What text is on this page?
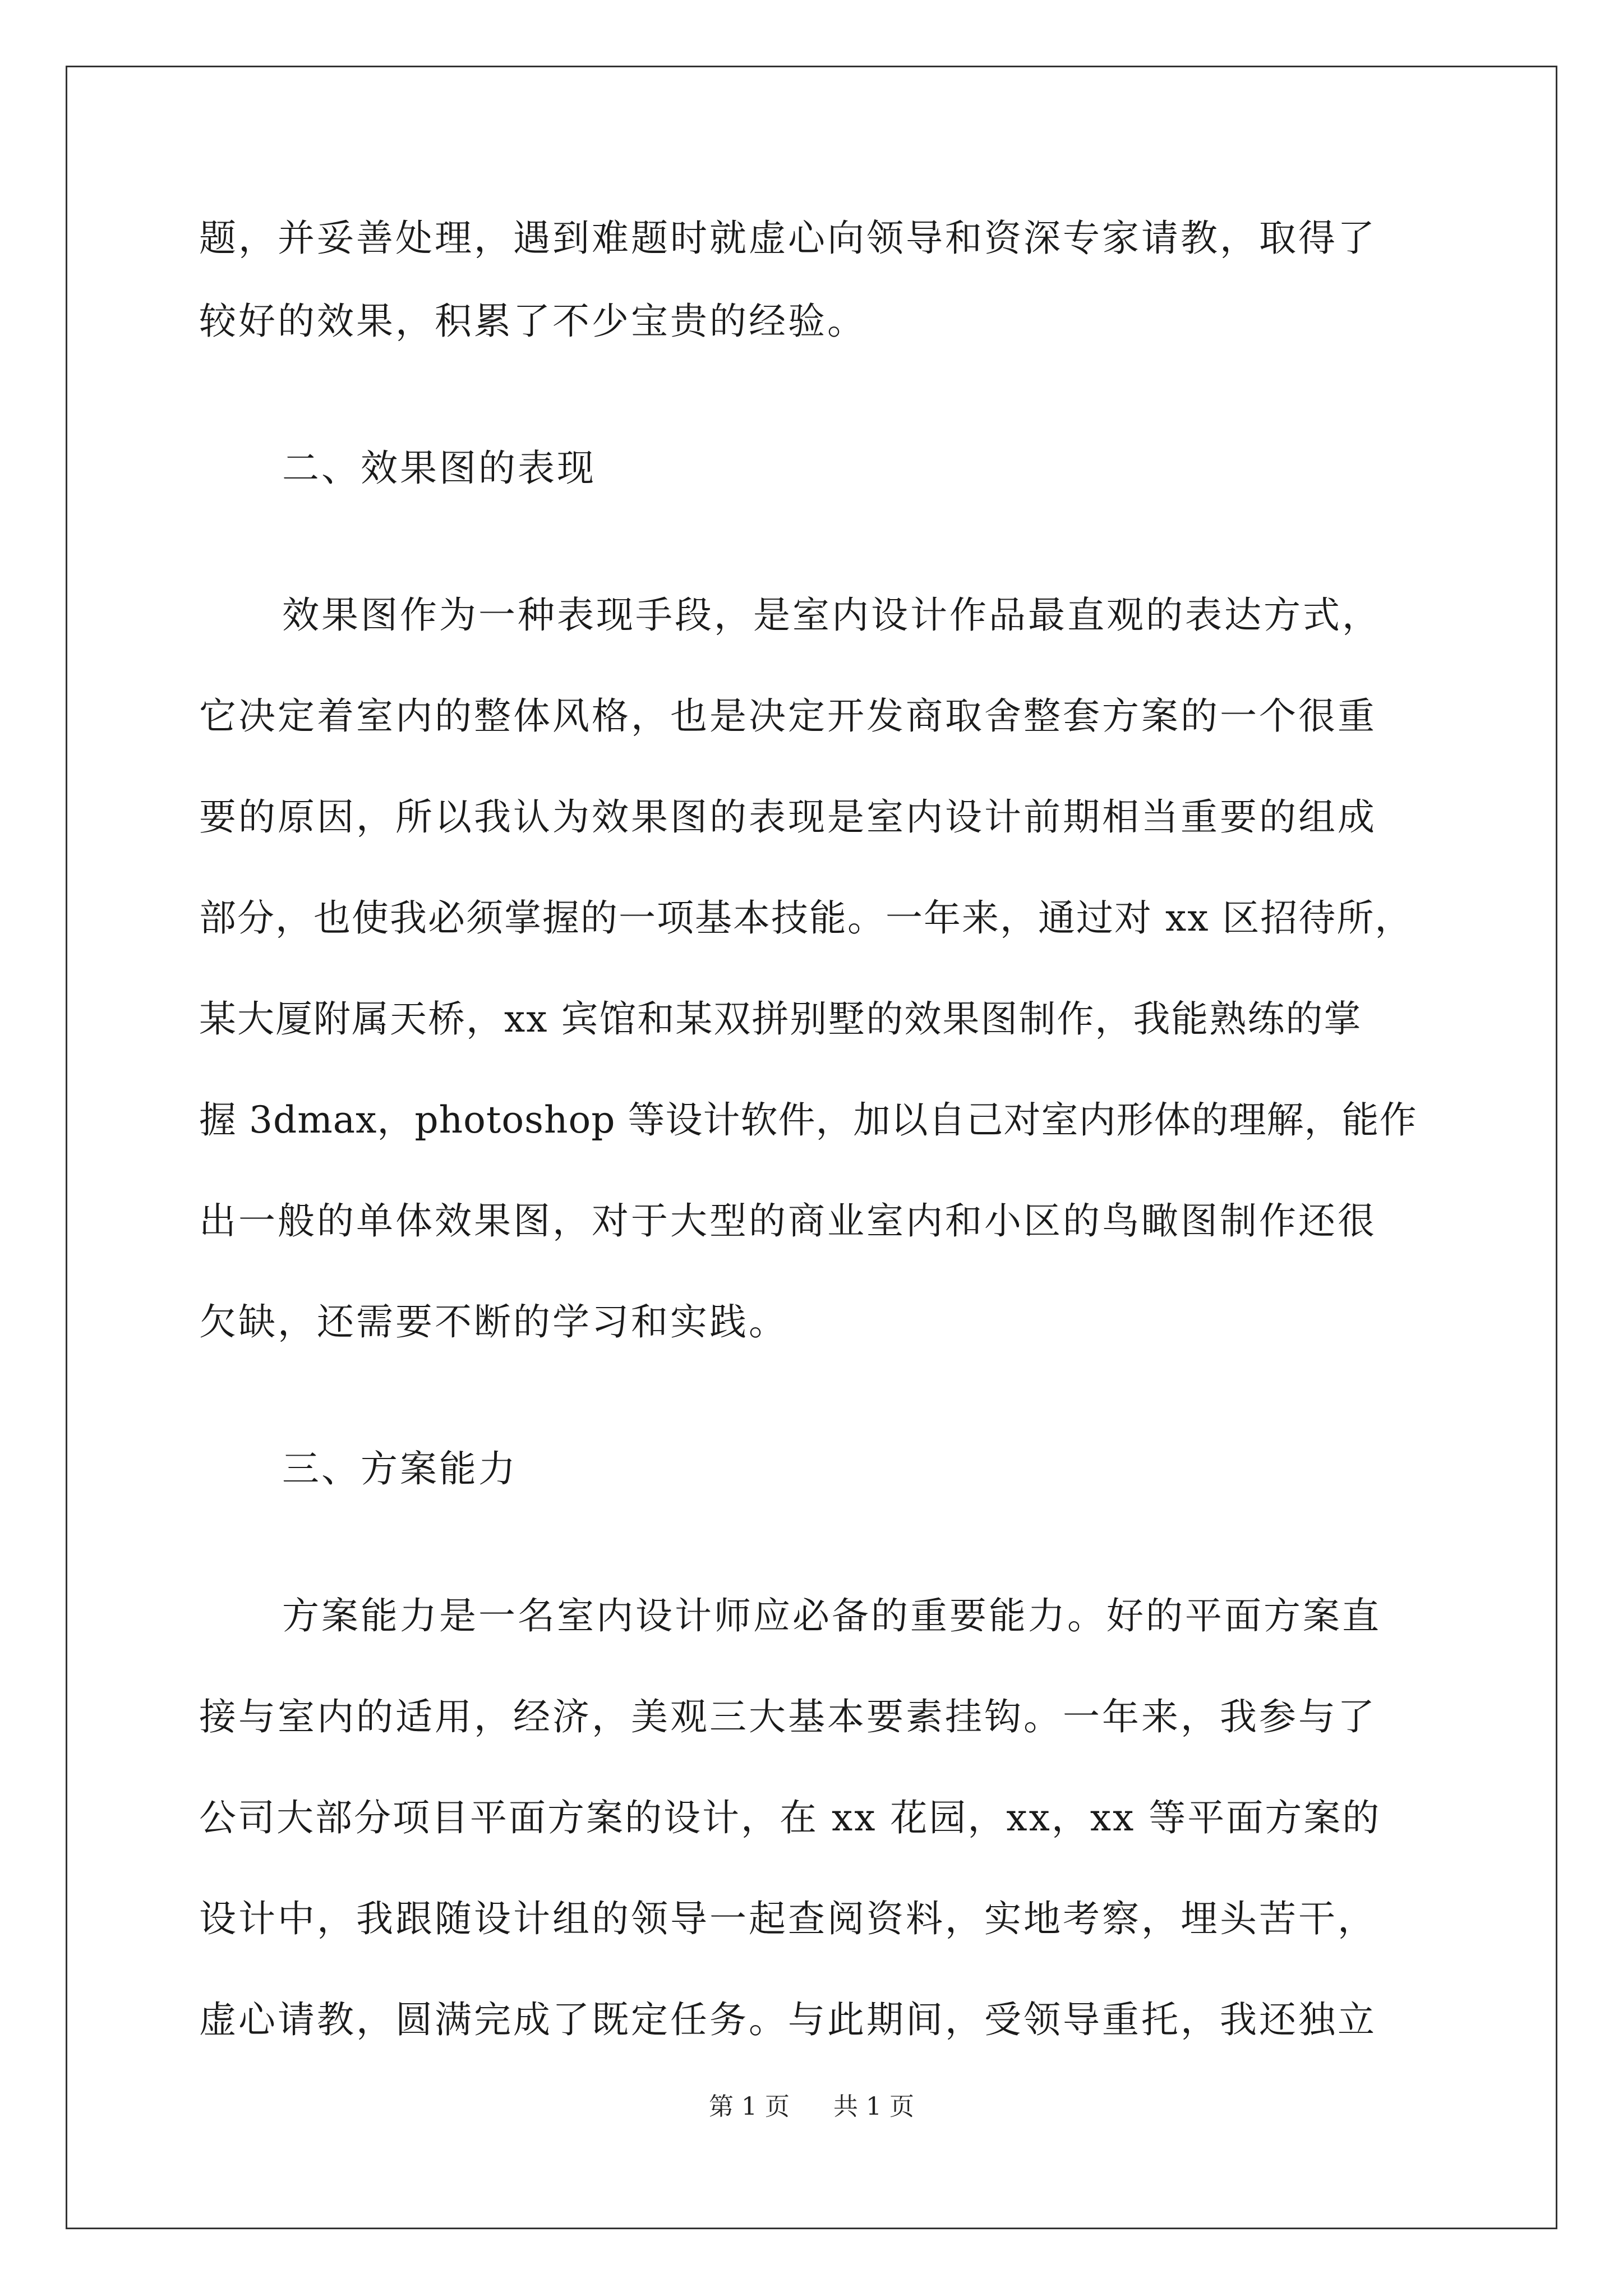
题，并妥善处理，遇到难题时就虚心向领导和资深专家请教，取得了
较好的效果，积累了不少宝贵的经验。
二、效果图的表现
效果图作为一种表现手段，是室内设计作品最直观的表达方式，
它决定着室内的整体风格，也是决定开发商取舍整套方案的一个很重
要的原因，所以我认为效果图的表现是室内设计前期相当重要的组成
部分，也使我必须掌握的一项基本技能。一年来，通过对 xx 区招待所，
某大厦附属天桥，xx 宾馆和某双拼别墅的效果图制作，我能熟练的掌
握 3dmax，photoshop 等设计软件，加以自己对室内形体的理解，能作
出一般的单体效果图，对于大型的商业室内和小区的鸟瞰图制作还很
欠缺，还需要不断的学习和实践。
三、方案能力
方案能力是一名室内设计师应必备的重要能力。好的平面方案直
接与室内的适用，经济，美观三大基本要素挂钩。一年来，我参与了
公司大部分项目平面方案的设计，在 xx 花园，xx，xx 等平面方案的
设计中，我跟随设计组的领导一起查阅资料，实地考察，埋头苦干，
虚心请教，圆满完成了既定任务。与此期间，受领导重托，我还独立
第 1 页 共 1 页
